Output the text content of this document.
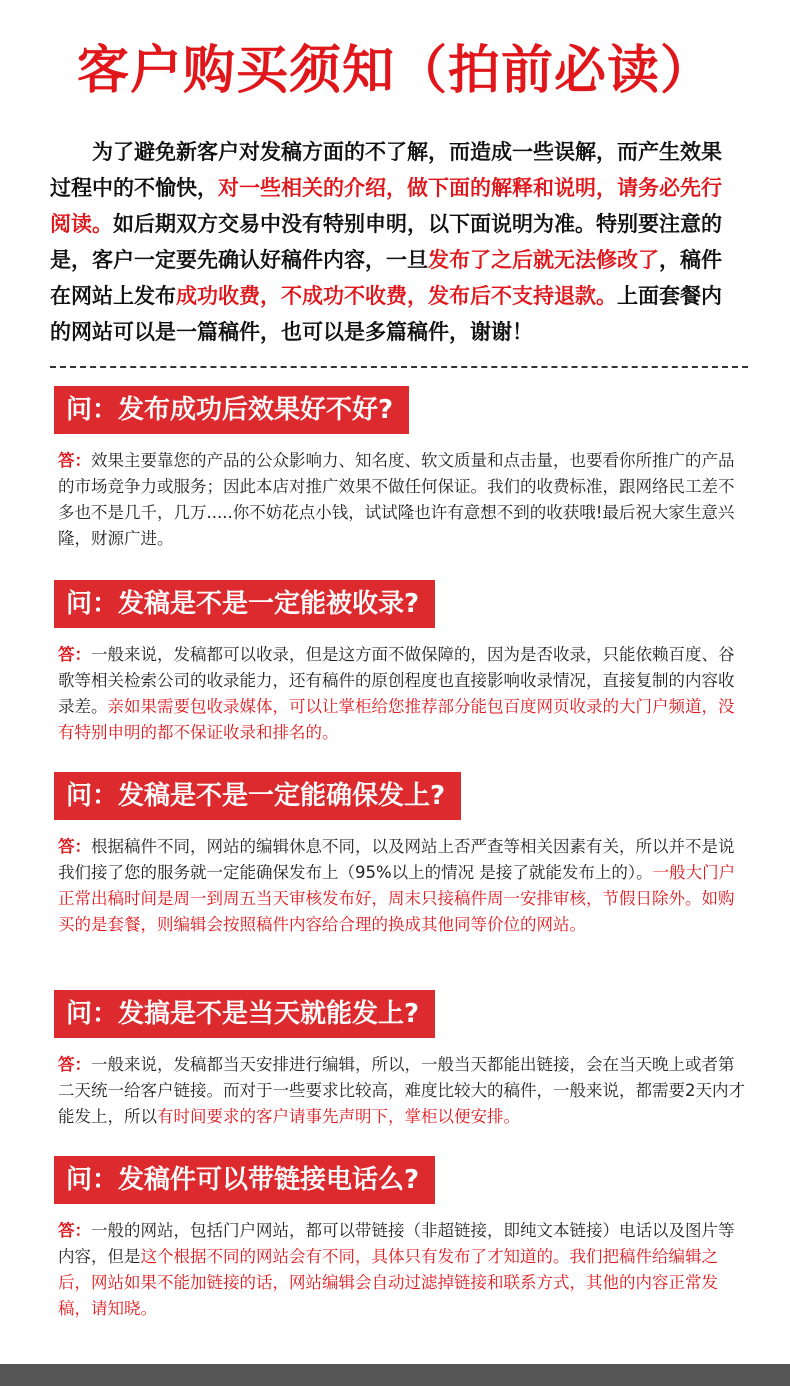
客户购买须知（拍前必读）

为了避免新客户对发稿方面的不了解，而造成一些误解，而产生效果过程中的不愉快，对一些相关的介绍，做下面的解释和说明，请务必先行阅读。如后期双方交易中没有特别申明，以下面说明为准。特别要注意的是，客户一定要先确认好稿件内容，一旦发布了之后就无法修改了，稿件在网站上发布成功收费，不成功不收费，发布后不支持退款。上面套餐内的网站可以是一篇稿件，也可以是多篇稿件，谢谢！

问：发布成功后效果好不好?
答：效果主要靠您的产品的公众影响力、知名度、软文质量和点击量，也要看你所推广的产品的市场竞争力或服务；因此本店对推广效果不做任何保证。我们的收费标准，跟网络民工差不多也不是几千，几万.....你不妨花点小钱，试试隆也许有意想不到的收获哦!最后祝大家生意兴隆，财源广进。
问：发稿是不是一定能被收录?
答：一般来说，发稿都可以收录，但是这方面不做保障的，因为是否收录，只能依赖百度、谷歌等相关检索公司的收录能力，还有稿件的原创程度也直接影响收录情况，直接复制的内容收录差。亲如果需要包收录媒体，可以让掌柜给您推荐部分能包百度网页收录的大门户频道，没有特别申明的都不保证收录和排名的。
问：发稿是不是一定能确保发上?
答：根据稿件不同，网站的编辑休息不同，以及网站上否严查等相关因素有关，所以并不是说我们接了您的服务就一定能确保发布上（95%以上的情况 是接了就能发布上的）。一般大门户正常出稿时间是周一到周五当天审核发布好，周末只接稿件周一安排审核，节假日除外。如购买的是套餐，则编辑会按照稿件内容给合理的换成其他同等价位的网站。
问：发搞是不是当天就能发上?
答：一般来说，发稿都当天安排进行编辑，所以，一般当天都能出链接，会在当天晚上或者第二天统一给客户链接。而对于一些要求比较高，难度比较大的稿件，一般来说，都需要2天内才能发上，所以有时间要求的客户请事先声明下，掌柜以便安排。
问：发稿件可以带链接电话么?
答：一般的网站，包括门户网站，都可以带链接（非超链接，即纯文本链接）电话以及图片等内容，但是这个根据不同的网站会有不同，具体只有发布了才知道的。我们把稿件给编辑之后，网站如果不能加链接的话，网站编辑会自动过滤掉链接和联系方式，其他的内容正常发稿，请知晓。
